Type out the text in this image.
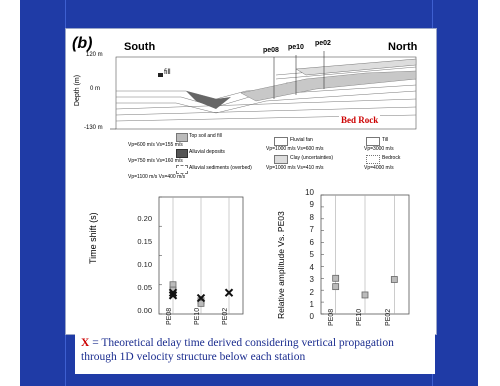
(b)	South	North
120 m
0 m
-130 m
Depth (m)
fill
pe08 pe10
pe02
Bed Rock
Top soil and fill
Vp=600 m/s Vs=155 m/s
Alluvial deposits
Vp=750 m/s Vs=160 m/s
Alluvial sediments (overbed)
Vp=1100 m/s Vs=400 m/s
Fluvial fan
Vp=1000 m/s Vs=600 m/s
Clay (uncertainties)
Vp=1000 m/s Vs=410 m/s
Till
Vp=3000 m/s
Bedrock
Vp=4000 m/s
Time shift (s)	0.20
0.15
0.10
0.05
0.00 PE08	PE10	PE02	Relative amplitude Vs. PE03
10
9
8
7
6
5
4
3
2
1
0 PE08	PE10	PE02
X = Theoretical delay time derived considering vertical propagation through 1D velocity structure below each station
